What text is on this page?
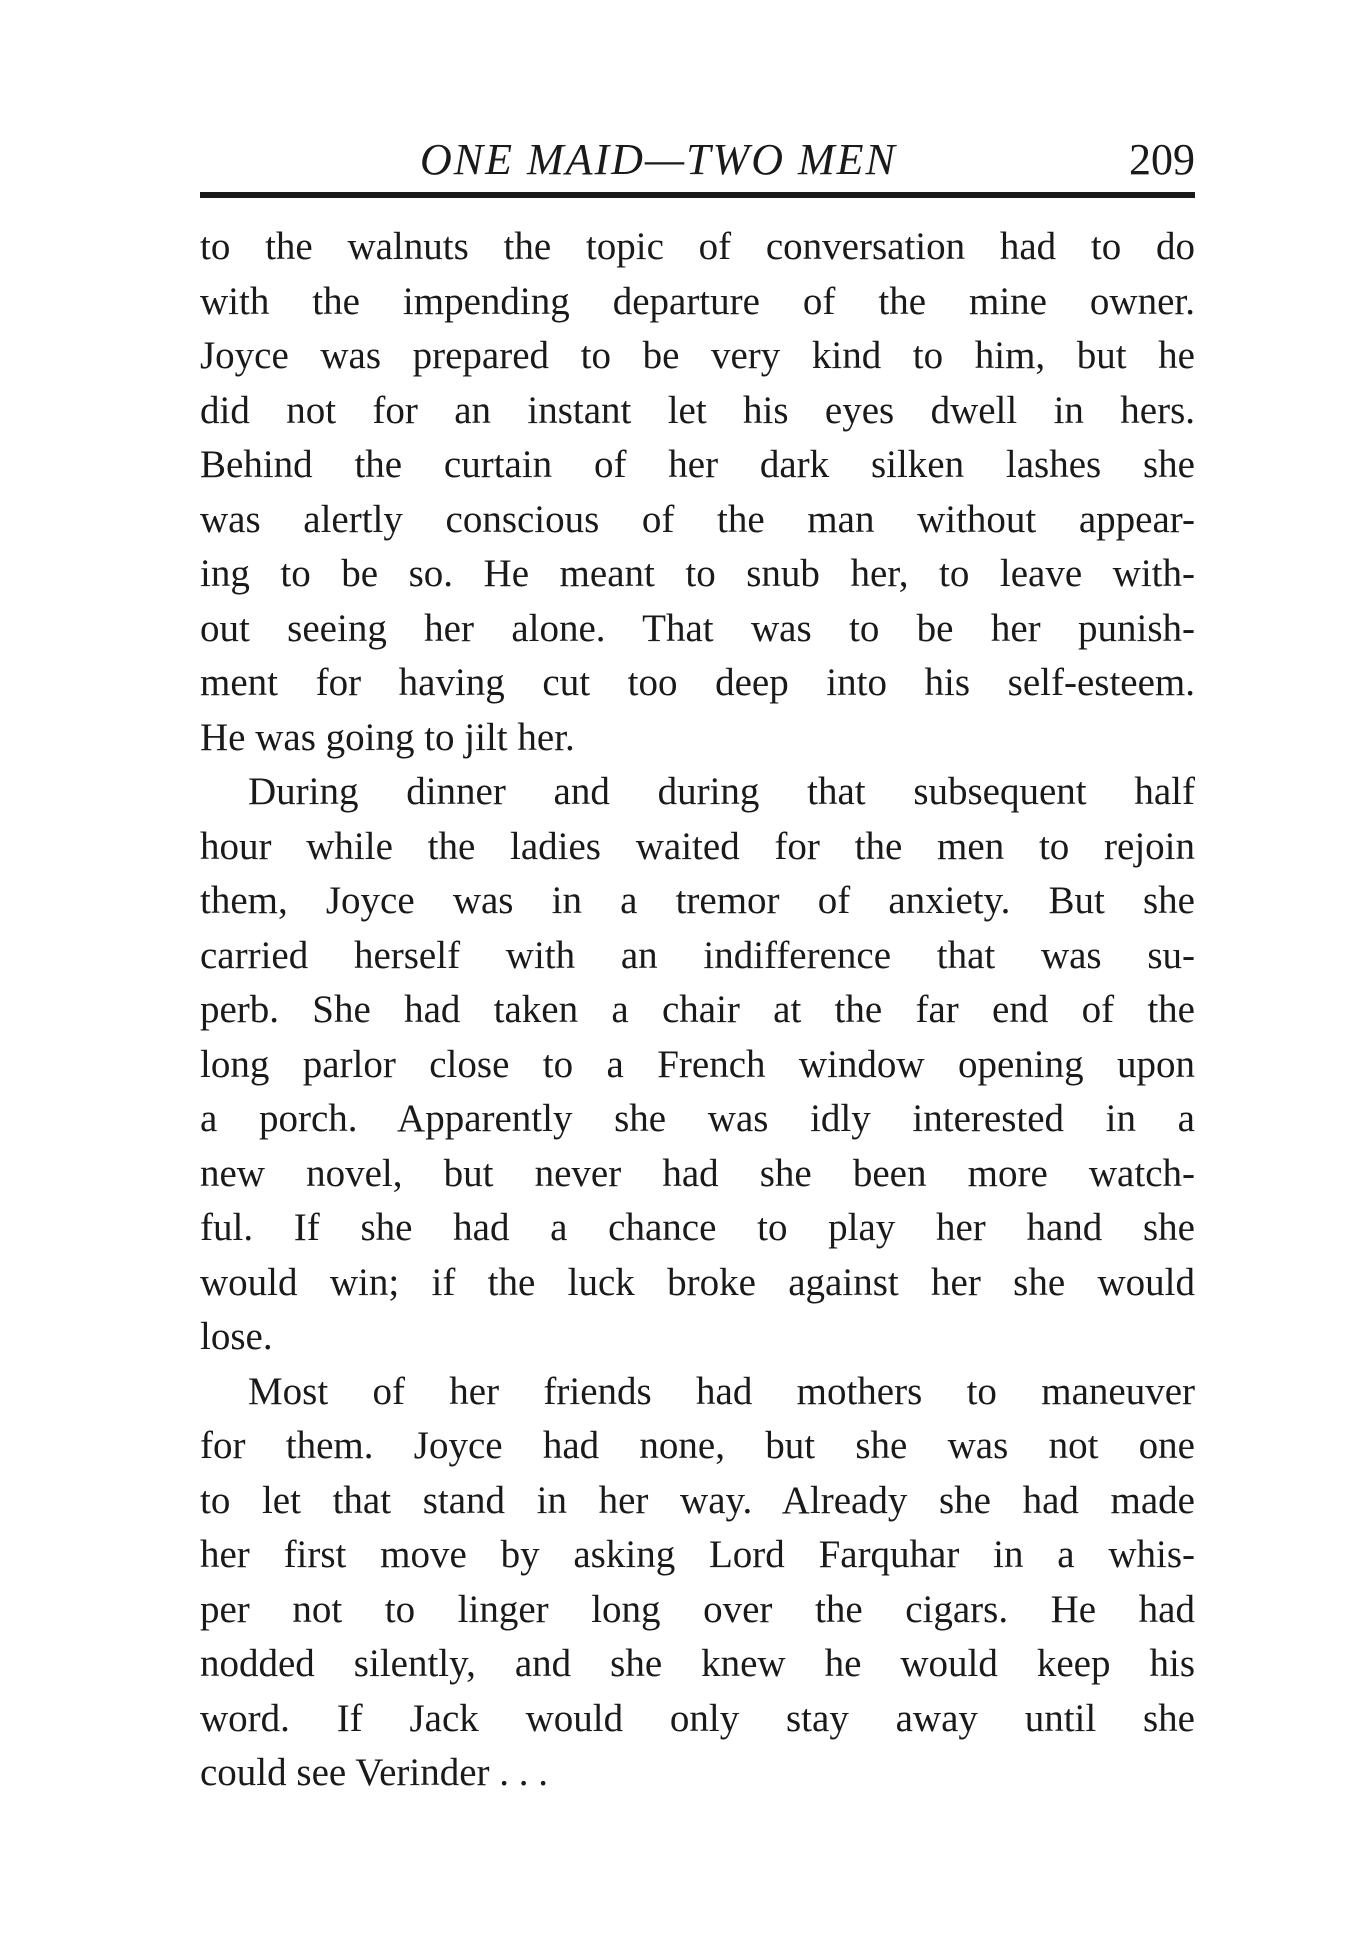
ONE MAID—TWO MEN	209
to the walnuts the topic of conversation had to do
with the impending departure of the mine owner.
Joyce was prepared to be very kind to him, but he
did not for an instant let his eyes dwell in hers.
Behind the curtain of her dark silken lashes she
was alertly conscious of the man without appear-
ing to be so. He meant to snub her, to leave with-
out seeing her alone. That was to be her punish-
ment for having cut too deep into his self-esteem.
He was going to jilt her.
During dinner and during that subsequent half
hour while the ladies waited for the men to rejoin
them, Joyce was in a tremor of anxiety. But she
carried herself with an indifference that was su-
perb. She had taken a chair at the far end of the
long parlor close to a French window opening upon
a porch. Apparently she was idly interested in a
new novel, but never had she been more watch-
ful. If she had a chance to play her hand she
would win; if the luck broke against her she would
lose.
Most of her friends had mothers to maneuver
for them. Joyce had none, but she was not one
to let that stand in her way. Already she had made
her first move by asking Lord Farquhar in a whis-
per not to linger long over the cigars. He had
nodded silently, and she knew he would keep his
word. If Jack would only stay away until she
could see Verinder . . .
